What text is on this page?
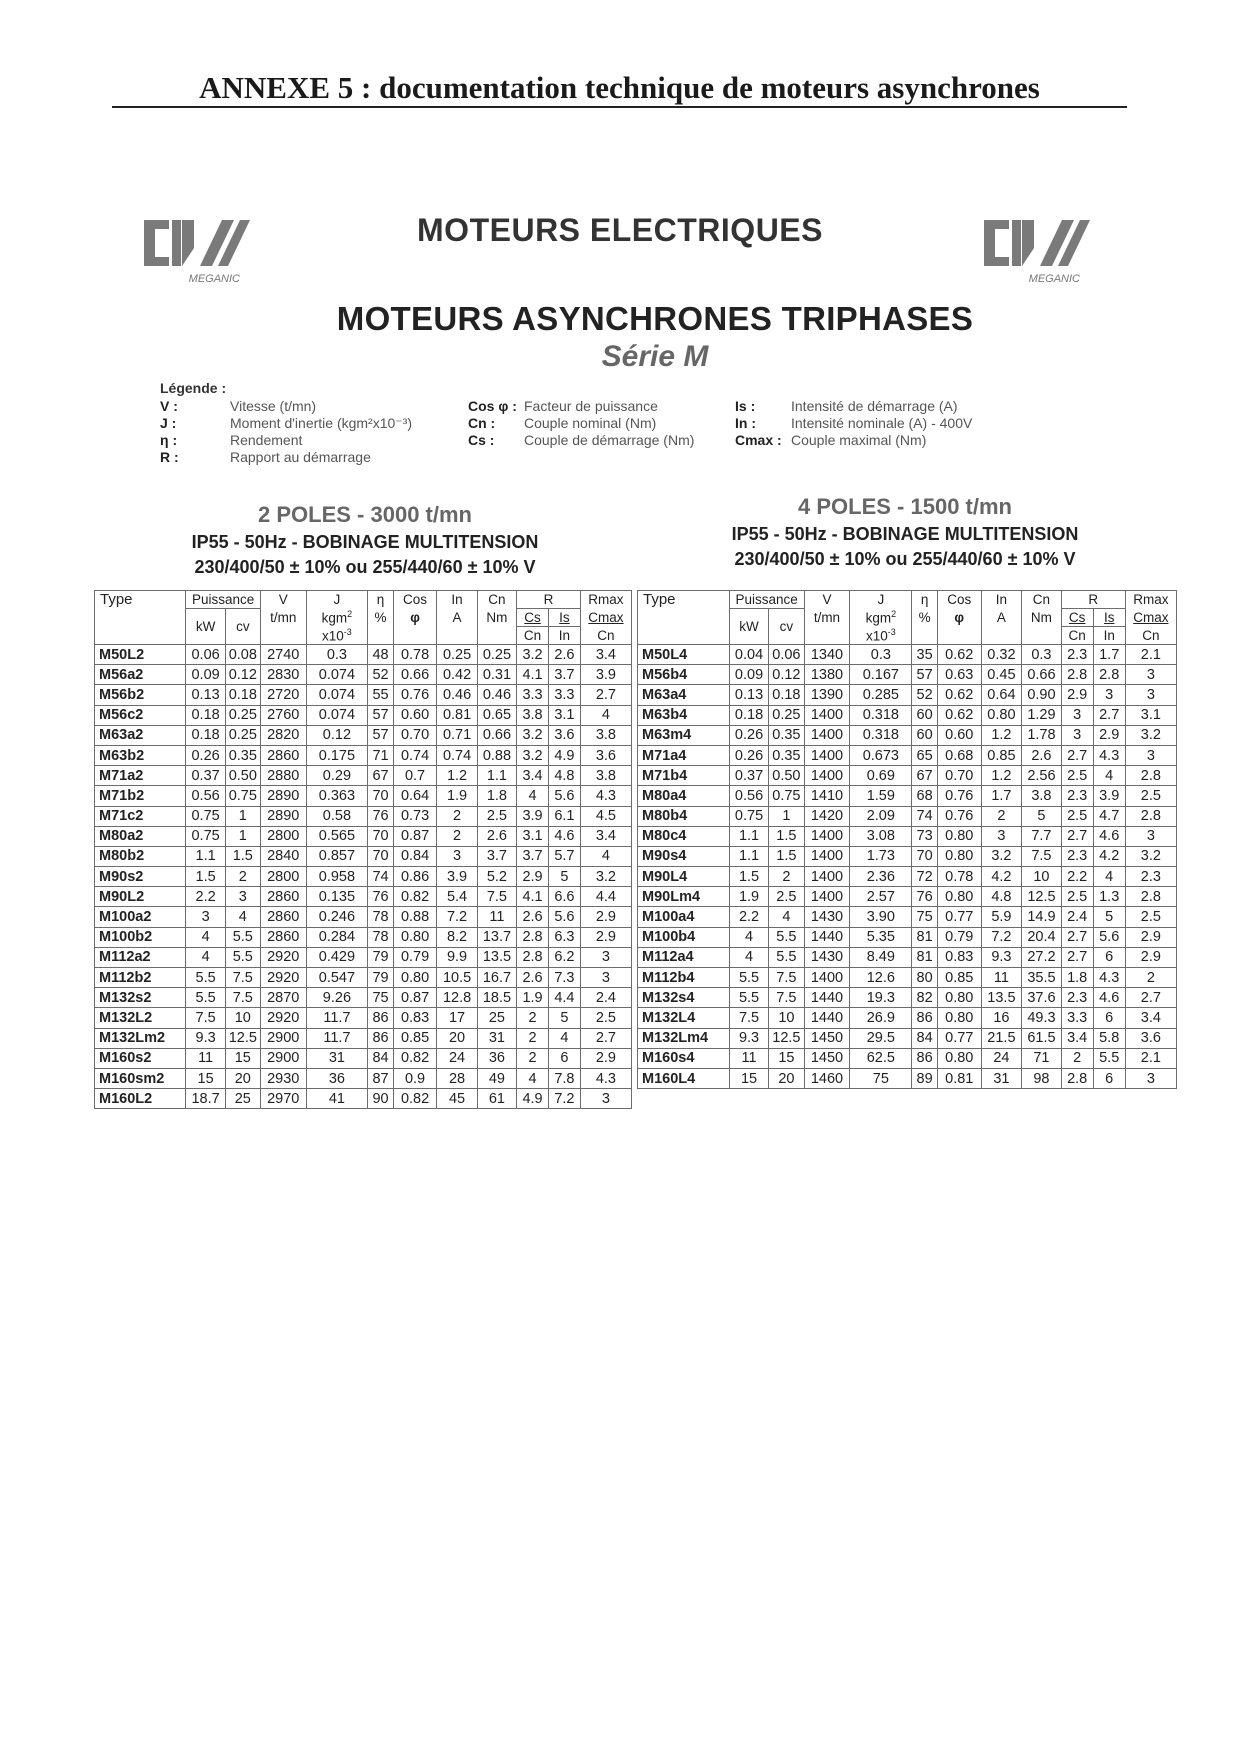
ANNEXE 5 : documentation technique de moteurs asynchrones
MEGANIC	MEGANIC
MOTEURS ELECTRIQUES
MOTEURS ASYNCHRONES TRIPHASES
Série M
Légende :
V :	Vitesse (t/mn)
J :	Moment d'inertie (kgm²x10⁻³)
η :	Rendement
R :	Rapport au démarrage
Cos φ : Facteur de puissance
Cn : Couple nominal (Nm)
Cs : Couple de démarrage (Nm)
Is :	Intensité de démarrage (A)
In :	Intensité nominale (A) - 400V
Cmax : Couple maximal (Nm)
2 POLES - 3000 t/mn
IP55 - 50Hz - BOBINAGE MULTITENSION
230/400/50 ± 10% ou 255/440/60 ± 10% V
4 POLES - 1500 t/mn
IP55 - 50Hz - BOBINAGE MULTITENSION
230/400/50 ± 10% ou 255/440/60 ± 10% V
Type	Puissance		V	J	η	Cos	In	Cn	R		Rmax
	kW	cv	t/mn	kgm$^2$	%	φ	A	Nm	Cs	Is	Cmax
				$x10^{-3}$					Cn	In	Cn
M50L2	0.06	0.08	2740	0.3	48	0.78	0.25	0.25	3.2	2.6	3.4
M56a2	0.09	0.12	2830	0.074	52	0.66	0.42	0.31	4.1	3.7	3.9
M56b2	0.13	0.18	2720	0.074	55	0.76	0.46	0.46	3.3	3.3	2.7
M56c2	0.18	0.25	2760	0.074	57	0.60	0.81	0.65	3.8	3.1	4
M63a2	0.18	0.25	2820	0.12	57	0.70	0.71	0.66	3.2	3.6	3.8
M63b2	0.26	0.35	2860	0.175	71	0.74	0.74	0.88	3.2	4.9	3.6
M71a2	0.37	0.50	2880	0.29	67	0.7	1.2	1.1	3.4	4.8	3.8
M71b2	0.56	0.75	2890	0.363	70	0.64	1.9	1.8	4	5.6	4.3
M71c2	0.75	1	2890	0.58	76	0.73	2	2.5	3.9	6.1	4.5
M80a2	0.75	1	2800	0.565	70	0.87	2	2.6	3.1	4.6	3.4
M80b2	1.1	1.5	2840	0.857	70	0.84	3	3.7	3.7	5.7	4
M90s2	1.5	2	2800	0.958	74	0.86	3.9	5.2	2.9	5	3.2
M90L2	2.2	3	2860	0.135	76	0.82	5.4	7.5	4.1	6.6	4.4
M100a2	3	4	2860	0.246	78	0.88	7.2	11	2.6	5.6	2.9
M100b2	4	5.5	2860	0.284	78	0.80	8.2	13.7	2.8	6.3	2.9
M112a2	4	5.5	2920	0.429	79	0.79	9.9	13.5	2.8	6.2	3
M112b2	5.5	7.5	2920	0.547	79	0.80	10.5	16.7	2.6	7.3	3
M132s2	5.5	7.5	2870	9.26	75	0.87	12.8	18.5	1.9	4.4	2.4
M132L2	7.5	10	2920	11.7	86	0.83	17	25	2	5	2.5
M132Lm2	9.3	12.5	2900	11.7	86	0.85	20	31	2	4	2.7
M160s2	11	15	2900	31	84	0.82	24	36	2	6	2.9
M160sm2	15	20	2930	36	87	0.9	28	49	4	7.8	4.3
M160L2	18.7	25	2970	41	90	0.82	45	61	4.9	7.2	3
Type	Puissance		V	J	η	Cos	In	Cn	R		Rmax
	kW	cv	t/mn	kgm$^2$	%	φ	A	Nm	Cs	Is	Cmax
				$x10^{-3}$					Cn	In	Cn
M50L4	0.04	0.06	1340	0.3	35	0.62	0.32	0.3	2.3	1.7	2.1
M56b4	0.09	0.12	1380	0.167	57	0.63	0.45	0.66	2.8	2.8	3
M63a4	0.13	0.18	1390	0.285	52	0.62	0.64	0.90	2.9	3	3
M63b4	0.18	0.25	1400	0.318	60	0.62	0.80	1.29	3	2.7	3.1
M63m4	0.26	0.35	1400	0.318	60	0.60	1.2	1.78	3	2.9	3.2
M71a4	0.26	0.35	1400	0.673	65	0.68	0.85	2.6	2.7	4.3	3
M71b4	0.37	0.50	1400	0.69	67	0.70	1.2	2.56	2.5	4	2.8
M80a4	0.56	0.75	1410	1.59	68	0.76	1.7	3.8	2.3	3.9	2.5
M80b4	0.75	1	1420	2.09	74	0.76	2	5	2.5	4.7	2.8
M80c4	1.1	1.5	1400	3.08	73	0.80	3	7.7	2.7	4.6	3
M90s4	1.1	1.5	1400	1.73	70	0.80	3.2	7.5	2.3	4.2	3.2
M90L4	1.5	2	1400	2.36	72	0.78	4.2	10	2.2	4	2.3
M90Lm4	1.9	2.5	1400	2.57	76	0.80	4.8	12.5	2.5	1.3	2.8
M100a4	2.2	4	1430	3.90	75	0.77	5.9	14.9	2.4	5	2.5
M100b4	4	5.5	1440	5.35	81	0.79	7.2	20.4	2.7	5.6	2.9
M112a4	4	5.5	1430	8.49	81	0.83	9.3	27.2	2.7	6	2.9
M112b4	5.5	7.5	1400	12.6	80	0.85	11	35.5	1.8	4.3	2
M132s4	5.5	7.5	1440	19.3	82	0.80	13.5	37.6	2.3	4.6	2.7
M132L4	7.5	10	1440	26.9	86	0.80	16	49.3	3.3	6	3.4
M132Lm4	9.3	12.5	1450	29.5	84	0.77	21.5	61.5	3.4	5.8	3.6
M160s4	11	15	1450	62.5	86	0.80	24	71	2	5.5	2.1
M160L4	15	20	1460	75	89	0.81	31	98	2.8	6	3
